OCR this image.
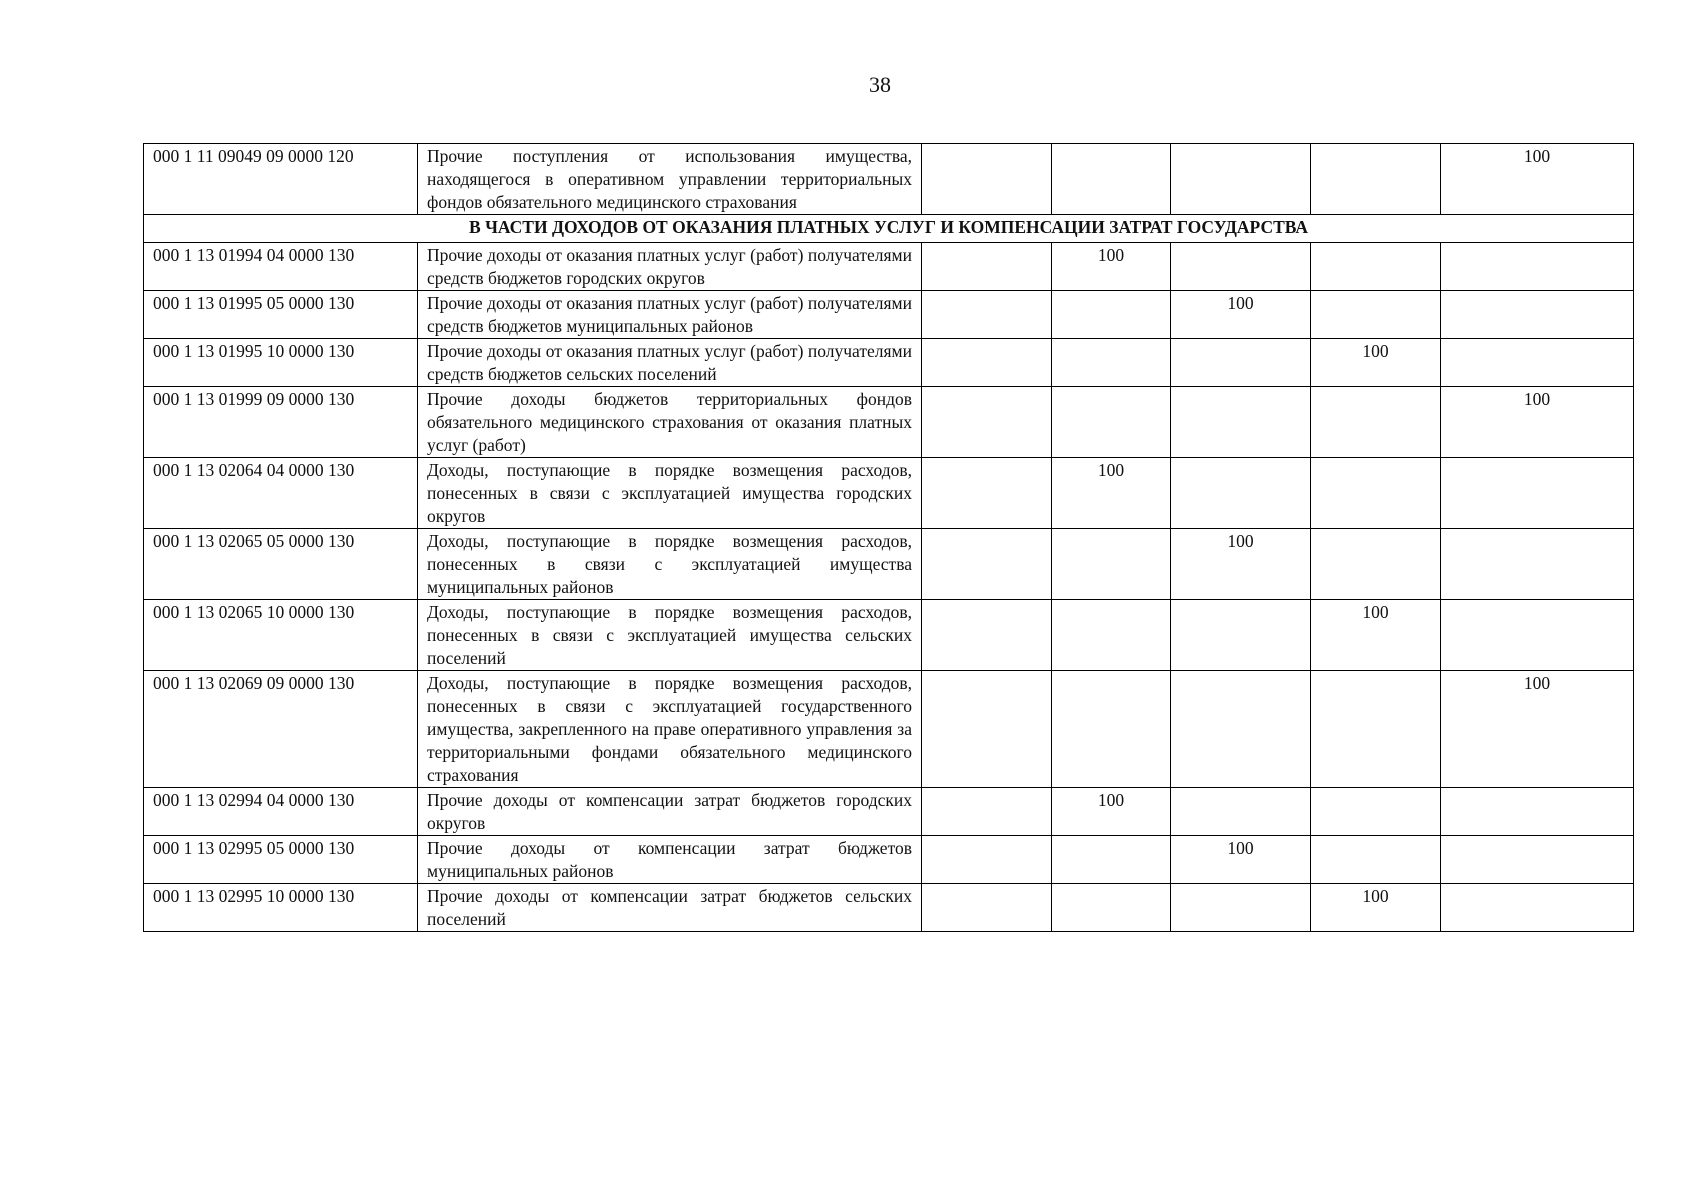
38
000 1 11 09049 09 0000 120	Прочие поступления от использования имущества, находящегося в оперативном управлении территориальных фондов обязательного медицинского страхования					100
В ЧАСТИ ДОХОДОВ ОТ ОКАЗАНИЯ ПЛАТНЫХ УСЛУГ И КОМПЕНСАЦИИ ЗАТРАТ ГОСУДАРСТВА						
000 1 13 01994 04 0000 130	Прочие доходы от оказания платных услуг (работ) получателями средств бюджетов городских округов		100			
000 1 13 01995 05 0000 130	Прочие доходы от оказания платных услуг (работ) получателями средств бюджетов муниципальных районов			100		
000 1 13 01995 10 0000 130	Прочие доходы от оказания платных услуг (работ) получателями средств бюджетов сельских поселений				100	
000 1 13 01999 09 0000 130	Прочие доходы бюджетов территориальных фондов обязательного медицинского страхования от оказания платных услуг (работ)					100
000 1 13 02064 04 0000 130	Доходы, поступающие в порядке возмещения расходов, понесенных в связи с эксплуатацией имущества городских округов		100			
000 1 13 02065 05 0000 130	Доходы, поступающие в порядке возмещения расходов, понесенных в связи с эксплуатацией имущества муниципальных районов			100		
000 1 13 02065 10 0000 130	Доходы, поступающие в порядке возмещения расходов, понесенных в связи с эксплуатацией имущества сельских поселений				100	
000 1 13 02069 09 0000 130	Доходы, поступающие в порядке возмещения расходов, понесенных в связи с эксплуатацией государственного имущества, закрепленного на праве оперативного управления за территориальными фондами обязательного медицинского страхования					100
000 1 13 02994 04 0000 130	Прочие доходы от компенсации затрат бюджетов городских округов		100			
000 1 13 02995 05 0000 130	Прочие доходы от компенсации затрат бюджетов муниципальных районов			100		
000 1 13 02995 10 0000 130	Прочие доходы от компенсации затрат бюджетов сельских поселений				100	
